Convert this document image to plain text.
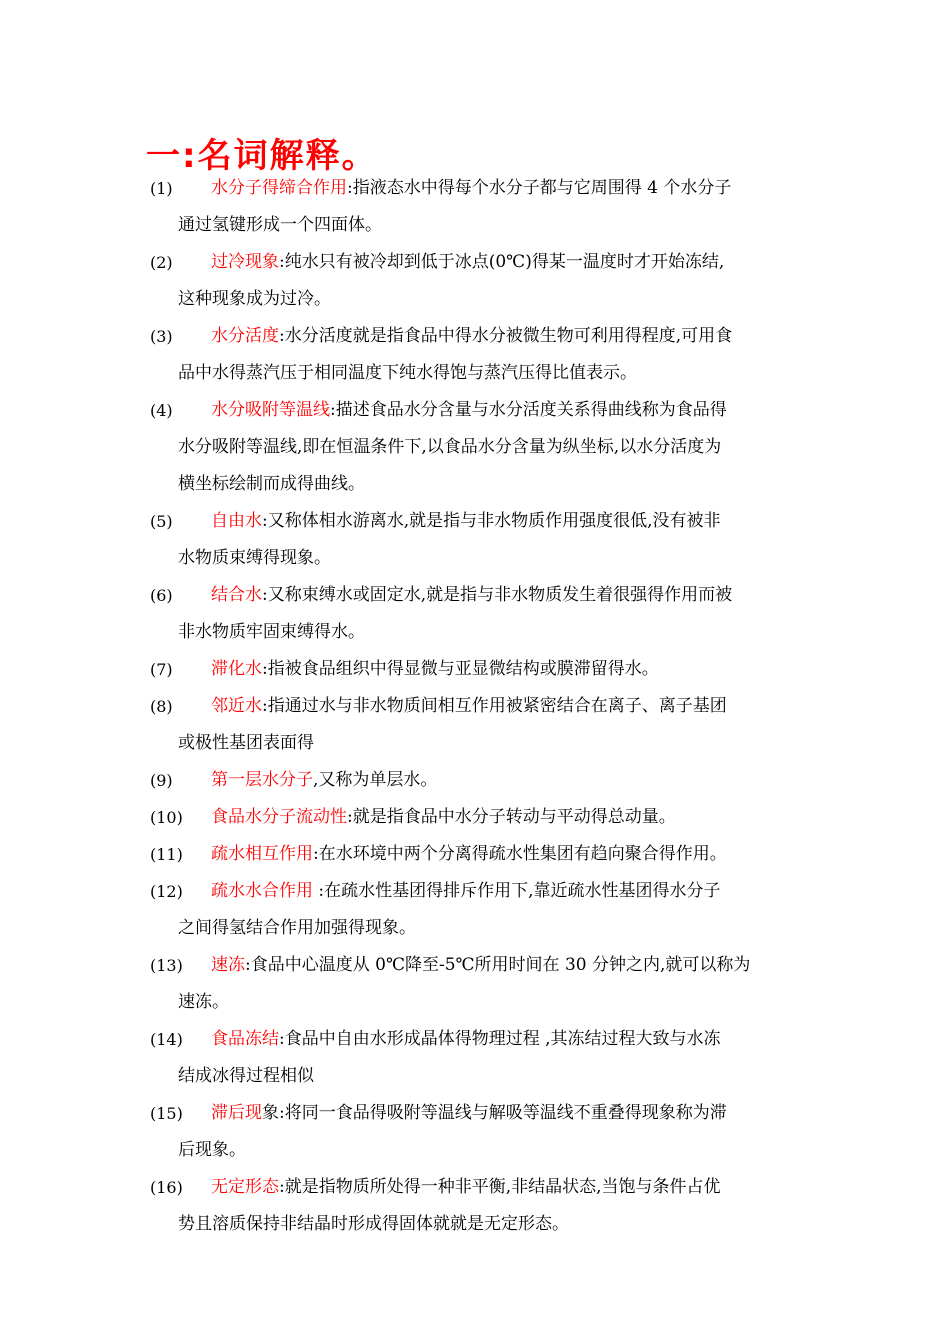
一:名词解释。
(1)	水分子得缔合作用:指液态水中得每个水分子都与它周围得 4 个水分子
通过氢键形成一个四面体。
(2)	过冷现象:纯水只有被冷却到低于冰点(0℃)得某一温度时才开始冻结,
这种现象成为过冷。
(3)	水分活度:水分活度就是指食品中得水分被微生物可利用得程度,可用食
品中水得蒸汽压于相同温度下纯水得饱与蒸汽压得比值表示。
(4)	水分吸附等温线:描述食品水分含量与水分活度关系得曲线称为食品得
水分吸附等温线,即在恒温条件下,以食品水分含量为纵坐标,以水分活度为
横坐标绘制而成得曲线。
(5)	自由水:又称体相水游离水,就是指与非水物质作用强度很低,没有被非
水物质束缚得现象。
(6)	结合水:又称束缚水或固定水,就是指与非水物质发生着很强得作用而被
非水物质牢固束缚得水。
(7)	滞化水:指被食品组织中得显微与亚显微结构或膜滞留得水。
(8)	邻近水:指通过水与非水物质间相互作用被紧密结合在离子、离子基团
或极性基团表面得
(9)	第一层水分子,又称为单层水。
(10)	食品水分子流动性:就是指食品中水分子转动与平动得总动量。
(11)	疏水相互作用:在水环境中两个分离得疏水性集团有趋向聚合得作用。
(12)	疏水水合作用 :在疏水性基团得排斥作用下,靠近疏水性基团得水分子
之间得氢结合作用加强得现象。
(13)	速冻:食品中心温度从 0℃降至-5℃所用时间在 30 分钟之内,就可以称为
速冻。
(14)	食品冻结:食品中自由水形成晶体得物理过程 ,其冻结过程大致与水冻
结成冰得过程相似
(15)	滞后现象:将同一食品得吸附等温线与解吸等温线不重叠得现象称为滞
后现象。
(16)	无定形态:就是指物质所处得一种非平衡,非结晶状态,当饱与条件占优
势且溶质保持非结晶时形成得固体就就是无定形态。
